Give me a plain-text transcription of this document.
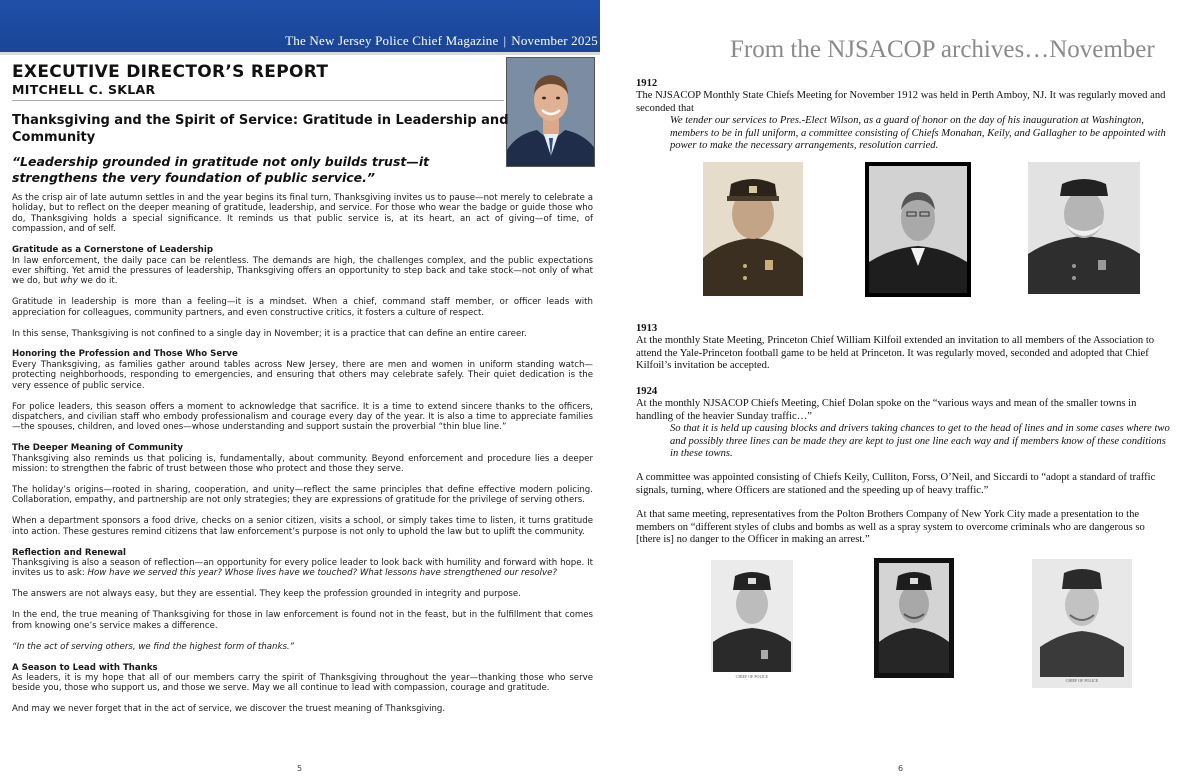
The New Jersey Police Chief Magazine | November 2025
EXECUTIVE DIRECTOR’S REPORT
MITCHELL C. SKLAR
Thanksgiving and the Spirit of Service: Gratitude in Leadership and Community
“Leadership grounded in gratitude not only builds trust—it strengthens the very foundation of public service.”

As the crisp air of late autumn settles in and the year begins its final turn, Thanksgiving invites us to pause—not merely to celebrate a holiday, but to reflect on the deeper meaning of gratitude, leadership, and service. For those who wear the badge or guide those who do, Thanksgiving holds a special significance. It reminds us that public service is, at its heart, an act of giving—of time, of compassion, and of self.

Gratitude as a Cornerstone of Leadership

In law enforcement, the daily pace can be relentless. The demands are high, the challenges complex, and the public expectations ever shifting. Yet amid the pressures of leadership, Thanksgiving offers an opportunity to step back and take stock—not only of what we do, but why we do it.

Gratitude in leadership is more than a feeling—it is a mindset. When a chief, command staff member, or officer leads with appreciation for colleagues, community partners, and even constructive critics, it fosters a culture of respect.

In this sense, Thanksgiving is not confined to a single day in November; it is a practice that can define an entire career.

Honoring the Profession and Those Who Serve

Every Thanksgiving, as families gather around tables across New Jersey, there are men and women in uniform standing watch—protecting neighborhoods, responding to emergencies, and ensuring that others may celebrate safely. Their quiet dedication is the very essence of public service.

For police leaders, this season offers a moment to acknowledge that sacrifice. It is a time to extend sincere thanks to the officers, dispatchers, and civilian staff who embody professionalism and courage every day of the year. It is also a time to appreciate families—the spouses, children, and loved ones—whose understanding and support sustain the proverbial “thin blue line.”

The Deeper Meaning of Community

Thanksgiving also reminds us that policing is, fundamentally, about community. Beyond enforcement and procedure lies a deeper mission: to strengthen the fabric of trust between those who protect and those they serve.

The holiday’s origins—rooted in sharing, cooperation, and unity—reflect the same principles that define effective modern policing. Collaboration, empathy, and partnership are not only strategies; they are expressions of gratitude for the privilege of serving others.

When a department sponsors a food drive, checks on a senior citizen, visits a school, or simply takes time to listen, it turns gratitude into action. These gestures remind citizens that law enforcement’s purpose is not only to uphold the law but to uplift the community.

Reflection and Renewal

Thanksgiving is also a season of reflection—an opportunity for every police leader to look back with humility and forward with hope. It invites us to ask: How have we served this year? Whose lives have we touched? What lessons have strengthened our resolve?

The answers are not always easy, but they are essential. They keep the profession grounded in integrity and purpose.

In the end, the true meaning of Thanksgiving for those in law enforcement is found not in the feast, but in the fulfillment that comes from knowing one’s service makes a difference.

“In the act of serving others, we find the highest form of thanks.”

A Season to Lead with Thanks

As leaders, it is my hope that all of our members carry the spirit of Thanksgiving throughout the year—thanking those who serve beside you, those who support us, and those we serve. May we all continue to lead with compassion, courage and gratitude.

And may we never forget that in the act of service, we discover the truest meaning of Thanksgiving.

5
From the NJSACOP archives…November
1912
The NJSACOP Monthly State Chiefs Meeting for November 1912 was held in Perth Amboy, NJ. It was regularly moved and seconded that
We tender our services to Pres.-Elect Wilson, as a guard of honor on the day of his inauguration at Washington, members to be in full uniform, a committee consisting of Chiefs Monahan, Keily, and Gallagher to be appointed with power to make the necessary arrangements, resolution carried.
1913
At the monthly State Meeting, Princeton Chief William Kilfoil extended an invitation to all members of the Association to attend the Yale-Princeton football game to be held at Princeton. It was regularly moved, seconded and adopted that Chief Kilfoil’s invitation be accepted.
1924
At the monthly NJSACOP Chiefs Meeting, Chief Dolan spoke on the “various ways and mean of the smaller towns in handling of the heavier Sunday traffic…”
So that it is held up causing blocks and drivers taking chances to get to the head of lines and in some cases where two and possibly three lines can be made they are kept to just one line each way and if members know of these conditions in these towns.
A committee was appointed consisting of Chiefs Keily, Culliton, Forss, O’Neil, and Siccardi to “adopt a standard of traffic signals, turning, where Officers are stationed and the speeding up of heavy traffic.”
At that same meeting, representatives from the Polton Brothers Company of New York City made a presentation to the members on “different styles of clubs and bombs as well as a spray system to overcome criminals who are dangerous so [there is] no danger to the Officer in making an arrest.”
CHIEF OF POLICE
CHIEF OF POLICE
6
